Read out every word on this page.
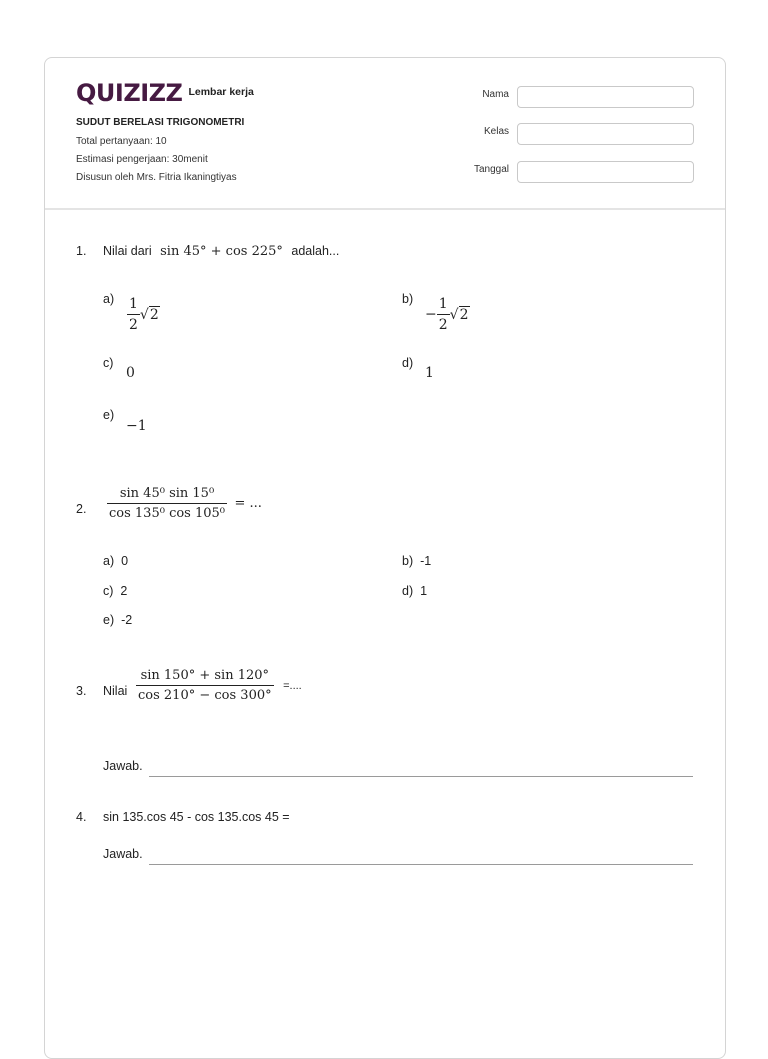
QUIZIZZ Lembar kerja
SUDUT BERELASI TRIGONOMETRI
Total pertanyaan: 10
Estimasi pengerjaan: 30menit
Disusun oleh Mrs. Fitria Ikaningtiyas
Nama
Kelas
Tanggal
1. Nilai dari sin 45° + cos 225° adalah...
$a) \frac{1}{2} √2$
b)
− $\frac{1}{2} √2$
c)
0
d)
1
e)
−1
2. $\frac{\text{sin 45⁰ sin 15⁰}}{\text{cos 135⁰ cos 105⁰}}$ = ...
a) 0	b) -1
c) 2	d) 1
e) -2
3. Nilai $\frac{\sin 150^\circ + \sin 120^\circ}{\cos 210^\circ - \cos 300^\circ}$ =....
Jawab.
4. sin 135.cos 45 - cos 135.cos 45 =
Jawab.
